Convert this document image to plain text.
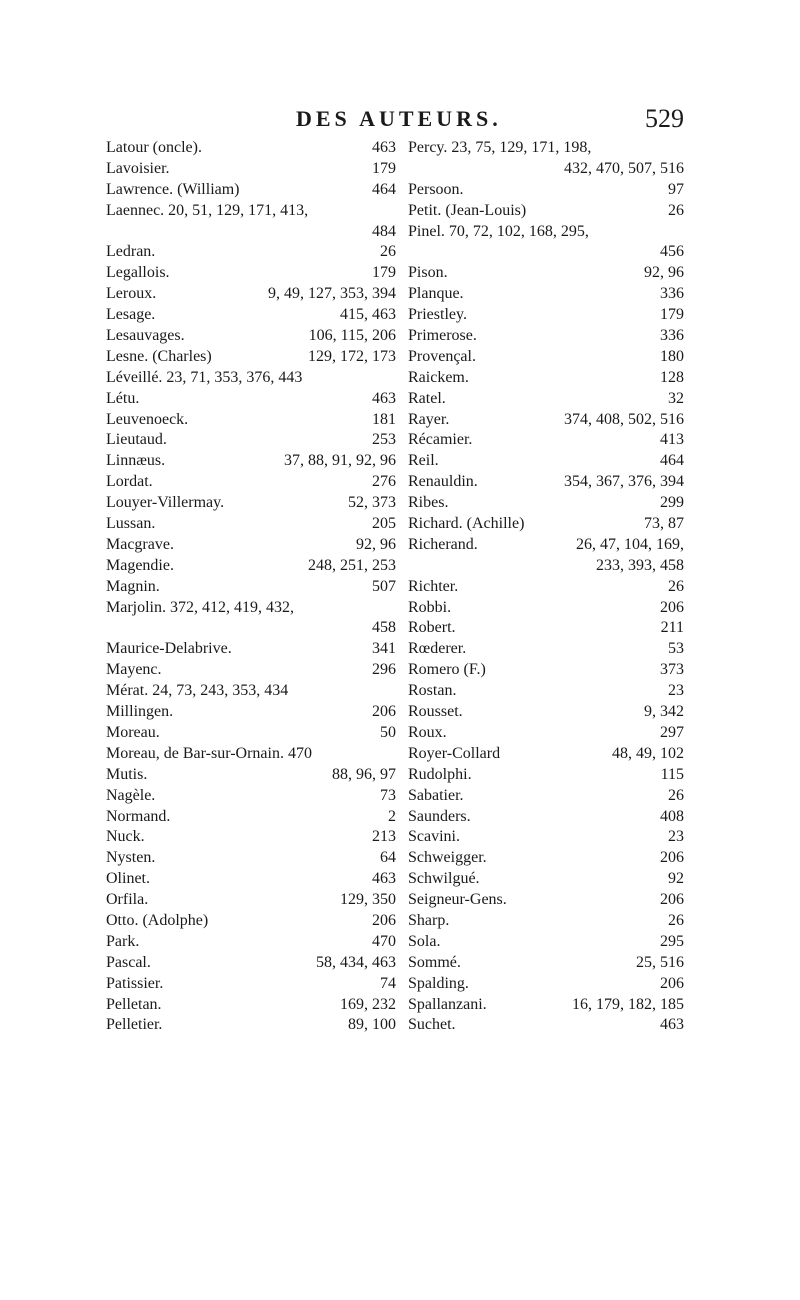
DES AUTEURS.	529
Latour (oncle).	463
Lavoisier.	179
Lawrence. (William)	464
Laennec. 20, 51, 129, 171, 413,
484
Ledran.	26
Legallois.	179
Leroux.	9, 49, 127, 353, 394
Lesage.	415, 463
Lesauvages.	106, 115, 206
Lesne. (Charles)	129, 172, 173
Léveillé. 23, 71, 353, 376, 443
Létu.	463
Leuvenoeck.	181
Lieutaud.	253
Linnæus.	37, 88, 91, 92, 96
Lordat.	276
Louyer-Villermay.	52, 373
Lussan.	205
Macgrave.	92, 96
Magendie.	248, 251, 253
Magnin.	507
Marjolin. 372, 412, 419, 432,
458
Maurice-Delabrive.	341
Mayenc.	296
Mérat. 24, 73, 243, 353, 434
Millingen.	206
Moreau.	50
Moreau, de Bar-sur-Ornain. 470
Mutis.	88, 96, 97
Nagèle.	73
Normand.	2
Nuck.	213
Nysten.	64
Olinet.	463
Orfila.	129, 350
Otto. (Adolphe)	206
Park.	470
Pascal.	58, 434, 463
Patissier.	74
Pelletan.	169, 232
Pelletier.	89, 100
Percy. 23, 75, 129, 171, 198,
432, 470, 507, 516
Persoon.	97
Petit. (Jean-Louis)	26
Pinel. 70, 72, 102, 168, 295,
456
Pison.	92, 96
Planque.	336
Priestley.	179
Primerose.	336
Provençal.	180
Raickem.	128
Ratel.	32
Rayer.	374, 408, 502, 516
Récamier.	413
Reil.	464
Renauldin.	354, 367, 376, 394
Ribes.	299
Richard. (Achille)	73, 87
Richerand.	26, 47, 104, 169,
233, 393, 458
Richter.	26
Robbi.	206
Robert.	211
Rœderer.	53
Romero (F.)	373
Rostan.	23
Rousset.	9, 342
Roux.	297
Royer-Collard	48, 49, 102
Rudolphi.	115
Sabatier.	26
Saunders.	408
Scavini.	23
Schweigger.	206
Schwilgué.	92
Seigneur-Gens.	206
Sharp.	26
Sola.	295
Sommé.	25, 516
Spalding.	206
Spallanzani.	16, 179, 182, 185
Suchet.	463
